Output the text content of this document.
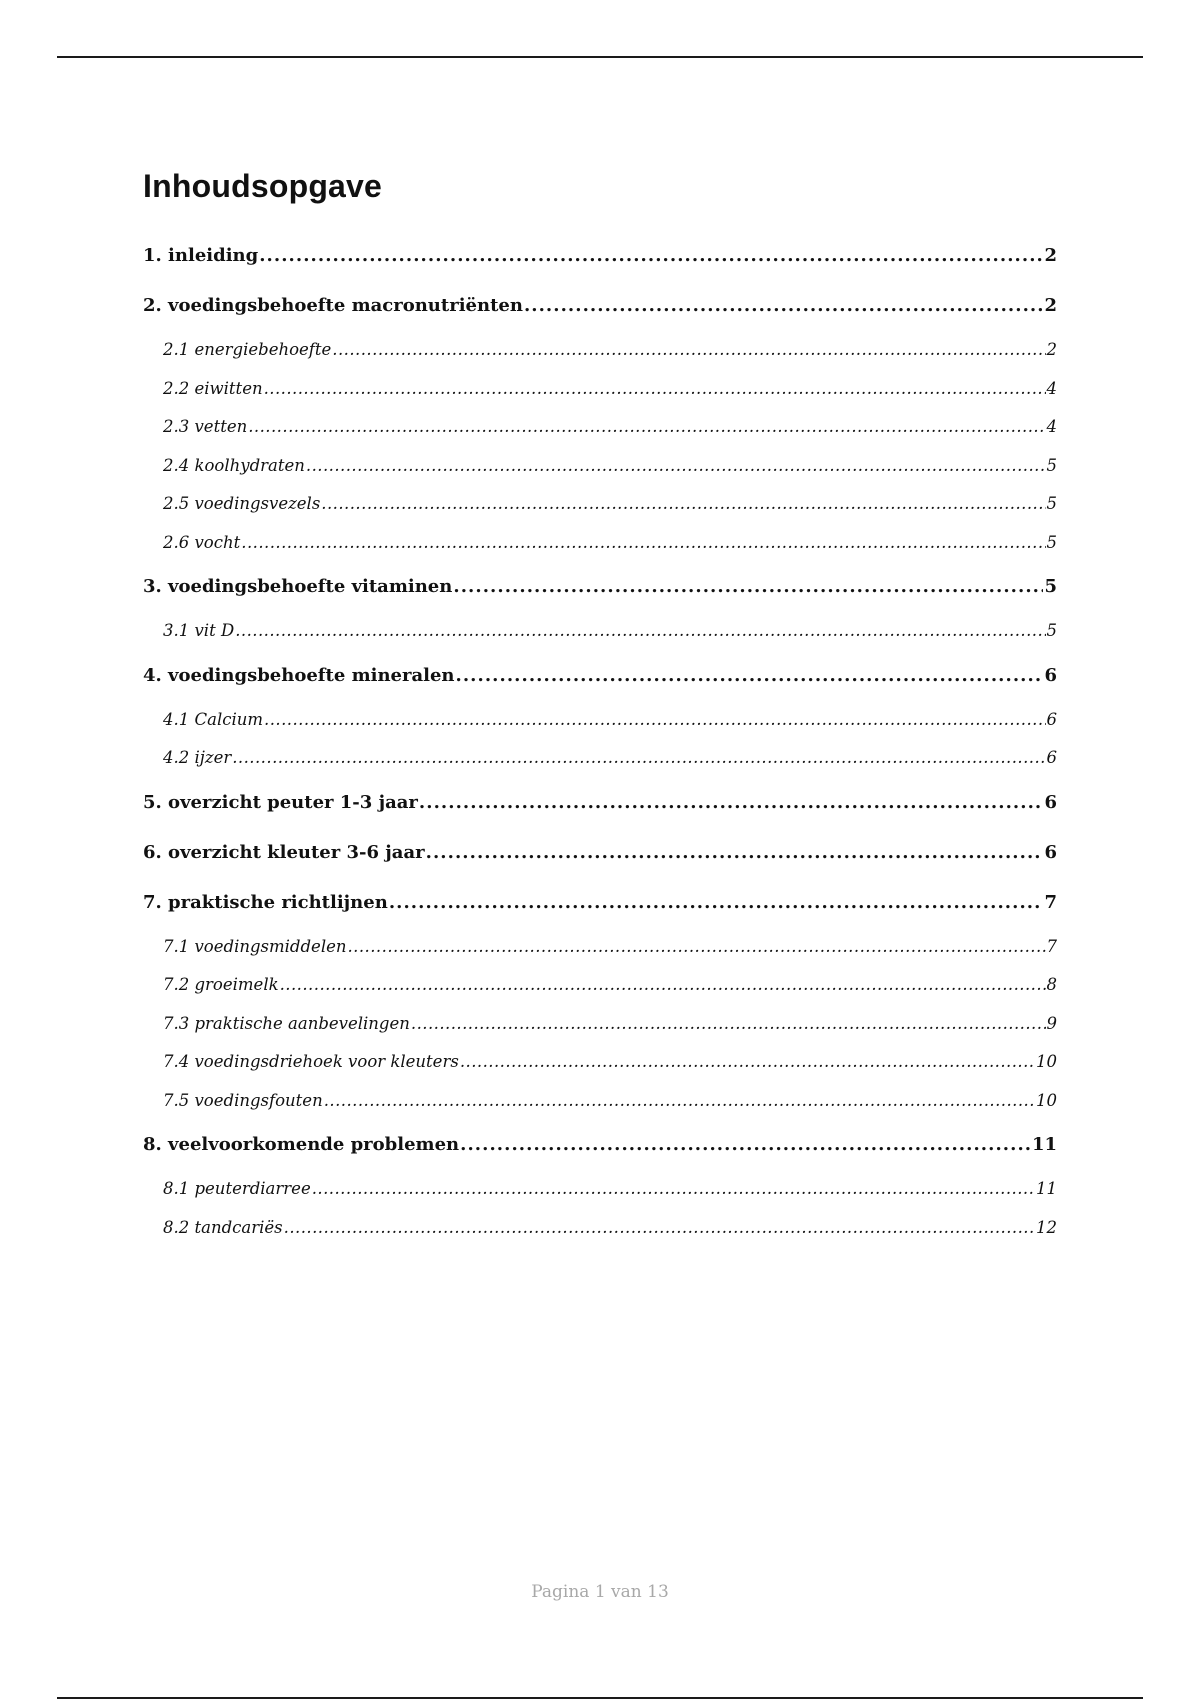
Inhoudsopgave
1. inleiding . . .	2
2. voedingsbehoefte macronutriënten . . .	2
2.1 energiebehoefte . . .	2
2.2 eiwitten . . .	4
2.3 vetten . . .	4
2.4 koolhydraten . . .	5
2.5 voedingsvezels . . .	5
2.6 vocht . . .	5
3. voedingsbehoefte vitaminen . . .	5
3.1 vit D . . .	5
4. voedingsbehoefte mineralen . . .	6
4.1 Calcium . . .	6
4.2 ijzer . . .	6
5. overzicht peuter 1-3 jaar . . .	6
6. overzicht kleuter 3-6 jaar . . .	6
7. praktische richtlijnen . . .	7
7.1 voedingsmiddelen . . .	7
7.2 groeimelk . . .	8
7.3 praktische aanbevelingen . . .	9
7.4 voedingsdriehoek voor kleuters . . .	10
7.5 voedingsfouten . . .	10
8. veelvoorkomende problemen . . .	11
8.1 peuterdiarree . . .	11
8.2 tandcariës . . .	12
Pagina 1 van 13
